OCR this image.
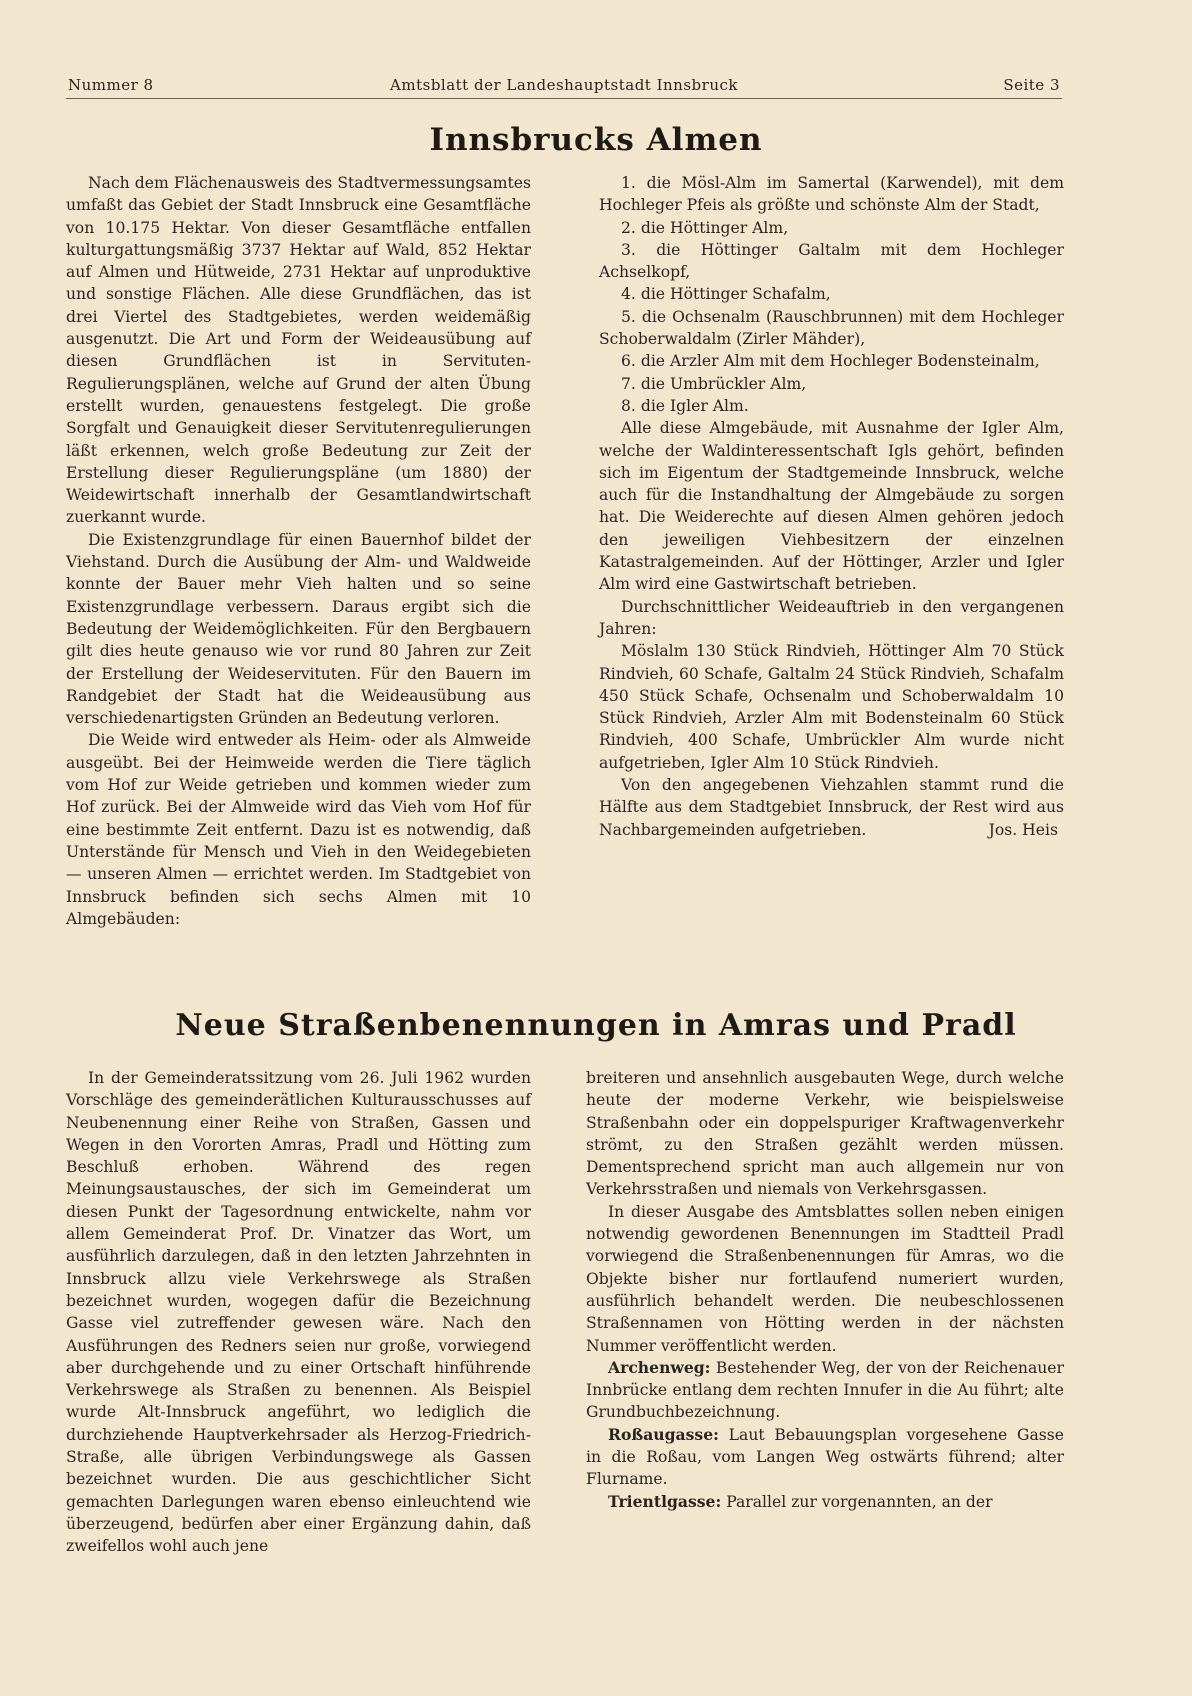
Nummer 8	Amtsblatt der Landeshauptstadt Innsbruck	Seite 3
Innsbrucks Almen

Nach dem Flächenausweis des Stadtvermessungsamtes umfaßt das Gebiet der Stadt Innsbruck eine Gesamtfläche von 10.175 Hektar. Von dieser Gesamtfläche entfallen kulturgattungsmäßig 3737 Hektar auf Wald, 852 Hektar auf Almen und Hütweide, 2731 Hektar auf unproduktive und sonstige Flächen. Alle diese Grundflächen, das ist drei Viertel des Stadtgebietes, werden weidemäßig ausgenutzt. Die Art und Form der Weideausübung auf diesen Grundflächen ist in Servituten-Regulierungsplänen, welche auf Grund der alten Übung erstellt wurden, genauestens festgelegt. Die große Sorgfalt und Genauigkeit dieser Servitutenregulierungen läßt erkennen, welch große Bedeutung zur Zeit der Erstellung dieser Regulierungspläne (um 1880) der Weidewirtschaft innerhalb der Gesamtlandwirtschaft zuerkannt wurde.

Die Existenzgrundlage für einen Bauernhof bildet der Viehstand. Durch die Ausübung der Alm- und Waldweide konnte der Bauer mehr Vieh halten und so seine Existenzgrundlage verbessern. Daraus ergibt sich die Bedeutung der Weidemöglichkeiten. Für den Bergbauern gilt dies heute genauso wie vor rund 80 Jahren zur Zeit der Erstellung der Weideservituten. Für den Bauern im Randgebiet der Stadt hat die Weideausübung aus verschiedenartigsten Gründen an Bedeutung verloren.

Die Weide wird entweder als Heim- oder als Almweide ausgeübt. Bei der Heimweide werden die Tiere täglich vom Hof zur Weide getrieben und kommen wieder zum Hof zurück. Bei der Almweide wird das Vieh vom Hof für eine bestimmte Zeit entfernt. Dazu ist es notwendig, daß Unterstände für Mensch und Vieh in den Weidegebieten — unseren Almen — errichtet werden. Im Stadtgebiet von Innsbruck befinden sich sechs Almen mit 10 Almgebäuden:

1. die Mösl-Alm im Samertal (Karwendel), mit dem Hochleger Pfeis als größte und schönste Alm der Stadt,

2. die Höttinger Alm,

3. die Höttinger Galtalm mit dem Hochleger Achselkopf,

4. die Höttinger Schafalm,

5. die Ochsenalm (Rauschbrunnen) mit dem Hochleger Schoberwaldalm (Zirler Mähder),

6. die Arzler Alm mit dem Hochleger Bodensteinalm,

7. die Umbrückler Alm,

8. die Igler Alm.

Alle diese Almgebäude, mit Ausnahme der Igler Alm, welche der Waldinteressentschaft Igls gehört, befinden sich im Eigentum der Stadtgemeinde Innsbruck, welche auch für die Instandhaltung der Almgebäude zu sorgen hat. Die Weiderechte auf diesen Almen gehören jedoch den jeweiligen Viehbesitzern der einzelnen Katastralgemeinden. Auf der Höttinger, Arzler und Igler Alm wird eine Gastwirtschaft betrieben.

Durchschnittlicher Weideauftrieb in den vergangenen Jahren:

Möslalm 130 Stück Rindvieh, Höttinger Alm 70 Stück Rindvieh, 60 Schafe, Galtalm 24 Stück Rindvieh, Schafalm 450 Stück Schafe, Ochsenalm und Schoberwaldalm 10 Stück Rindvieh, Arzler Alm mit Bodensteinalm 60 Stück Rindvieh, 400 Schafe, Umbrückler Alm wurde nicht aufgetrieben, Igler Alm 10 Stück Rindvieh.

Von den angegebenen Viehzahlen stammt rund die Hälfte aus dem Stadtgebiet Innsbruck, der Rest wird aus Nachbargemeinden aufgetrieben.	Jos. Heis

Neue Straßenbenennungen in Amras und Pradl

In der Gemeinderatssitzung vom 26. Juli 1962 wurden Vorschläge des gemeinderätlichen Kulturausschusses auf Neubenennung einer Reihe von Straßen, Gassen und Wegen in den Vororten Amras, Pradl und Hötting zum Beschluß erhoben. Während des regen Meinungsaustausches, der sich im Gemeinderat um diesen Punkt der Tagesordnung entwickelte, nahm vor allem Gemeinderat Prof. Dr. Vinatzer das Wort, um ausführlich darzulegen, daß in den letzten Jahrzehnten in Innsbruck allzu viele Verkehrswege als Straßen bezeichnet wurden, wogegen dafür die Bezeichnung Gasse viel zutreffender gewesen wäre. Nach den Ausführungen des Redners seien nur große, vorwiegend aber durchgehende und zu einer Ortschaft hinführende Verkehrswege als Straßen zu benennen. Als Beispiel wurde Alt-Innsbruck angeführt, wo lediglich die durchziehende Hauptverkehrsader als Herzog-Friedrich-Straße, alle übrigen Verbindungswege als Gassen bezeichnet wurden. Die aus geschichtlicher Sicht gemachten Darlegungen waren ebenso einleuchtend wie überzeugend, bedürfen aber einer Ergänzung dahin, daß zweifellos wohl auch jene

breiteren und ansehnlich ausgebauten Wege, durch welche heute der moderne Verkehr, wie beispielsweise Straßenbahn oder ein doppelspuriger Kraftwagenverkehr strömt, zu den Straßen gezählt werden müssen. Dementsprechend spricht man auch allgemein nur von Verkehrsstraßen und niemals von Verkehrsgassen.

In dieser Ausgabe des Amtsblattes sollen neben einigen notwendig gewordenen Benennungen im Stadtteil Pradl vorwiegend die Straßenbenennungen für Amras, wo die Objekte bisher nur fortlaufend numeriert wurden, ausführlich behandelt werden. Die neubeschlossenen Straßennamen von Hötting werden in der nächsten Nummer veröffentlicht werden.

Archenweg: Bestehender Weg, der von der Reichenauer Innbrücke entlang dem rechten Innufer in die Au führt; alte Grundbuchbezeichnung.

Roßaugasse: Laut Bebauungsplan vorgesehene Gasse in die Roßau, vom Langen Weg ostwärts führend; alter Flurname.

Trientlgasse: Parallel zur vorgenannten, an der
